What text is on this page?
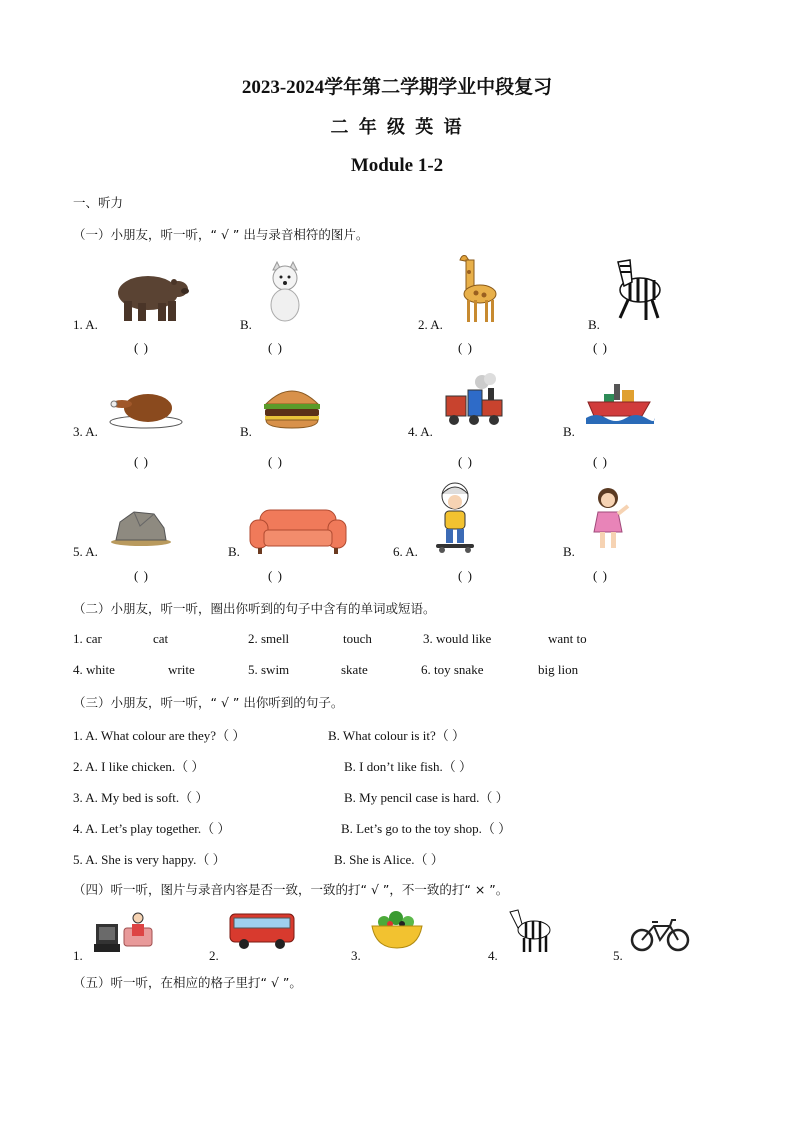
2023-2024学年第二学期学业中段复习
二 年 级 英 语
Module 1-2
一、听力
（一）小朋友，听一听，“ √ ” 出与录音相符的图片。
1. A.	B.	2. A.	B.
( )	( )	( )	( )
3. A.	B.	4. A.	B.
( )	( )	( )	( )
5. A.	B.	6. A.	B.
( )	( )	( )	( )
（二）小朋友，听一听，圈出你听到的句子中含有的单词或短语。
1. car	cat	2. smell	touch	3. would like	want to
4. white	write	5. swim	skate	6. toy snake	big lion
（三）小朋友，听一听，“ √ ” 出你听到的句子。
1. A. What colour are they?（ ）	B. What colour is it?（ ）
2. A. I like chicken.（ ）	B. I don’t like fish.（ ）
3. A. My bed is soft.（ ）	B. My pencil case is hard.（ ）
4. A. Let’s play together.（ ）	B. Let’s go to the toy shop.（ ）
5. A. She is very happy.（ ）	B. She is Alice.（ ）
（四）听一听，图片与录音内容是否一致，一致的打“ √ ”，不一致的打“ × ”。
1.	2.	3.	4.	5.
（五）听一听，在相应的格子里打“ √ ”。
